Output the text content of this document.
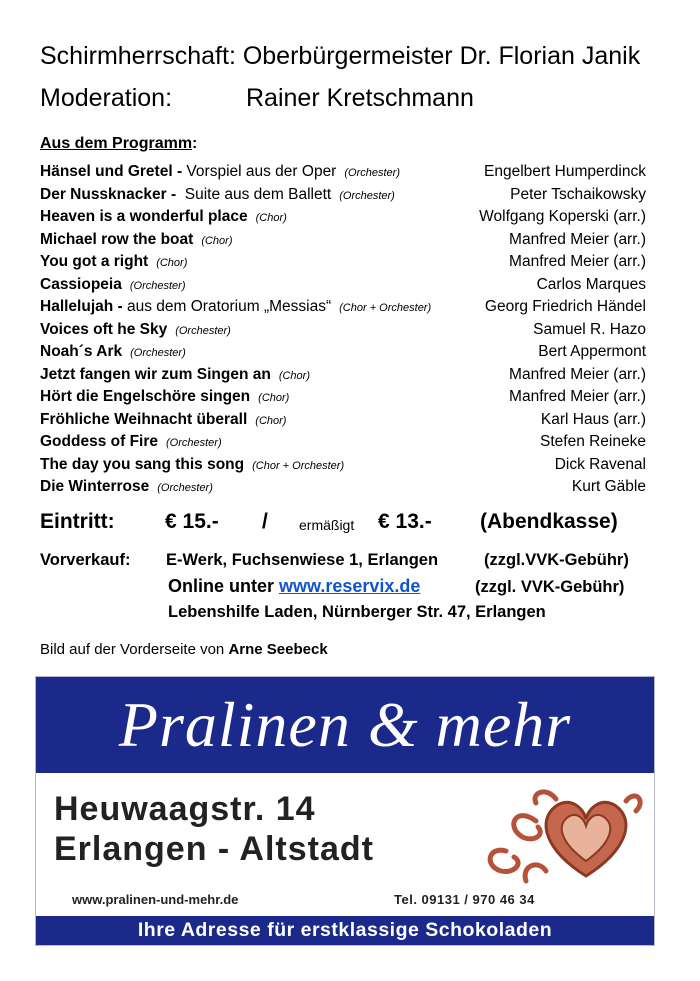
Schirmherrschaft: Oberbürgermeister Dr. Florian Janik
Moderation:	Rainer Kretschmann
Aus dem Programm:
Hänsel und Gretel - Vorspiel aus der Oper (Orchester)	Engelbert Humperdinck
Der Nussknacker -  Suite aus dem Ballett (Orchester)	Peter Tschaikowsky
Heaven is a wonderful place (Chor)	Wolfgang Koperski (arr.)
Michael row the boat (Chor)	Manfred Meier (arr.)
You got a right (Chor)	Manfred Meier (arr.)
Cassiopeia (Orchester)	Carlos Marques
Hallelujah - aus dem Oratorium „Messias“ (Chor + Orchester)	Georg Friedrich Händel
Voices oft he Sky (Orchester)	Samuel R. Hazo
Noah´s Ark (Orchester)	Bert Appermont
Jetzt fangen wir zum Singen an (Chor)	Manfred Meier (arr.)
Hört die Engelschöre singen (Chor)	Manfred Meier (arr.)
Fröhliche Weihnacht überall (Chor)	Karl Haus (arr.)
Goddess of Fire (Orchester)	Stefen Reineke
The day you sang this song (Chor + Orchester)	Dick Ravenal
Die Winterrose (Orchester)	Kurt Gäble
Eintritt: € 15.- / ermäßigt € 13.- (Abendkasse)
Vorverkauf: E-Werk, Fuchsenwiese 1, Erlangen	(zzgl.VVK-Gebühr)
Online unter www.reservix.de	(zzgl. VVK-Gebühr)
Lebenshilfe Laden, Nürnberger Str. 47, Erlangen
Bild auf der Vorderseite von Arne Seebeck
Pralinen & mehr
Heuwaagstr. 14
Erlangen - Altstadt
www.pralinen-und-mehr.de	Tel. 09131 / 970 46 34
Ihre Adresse für erstklassige Schokoladen
